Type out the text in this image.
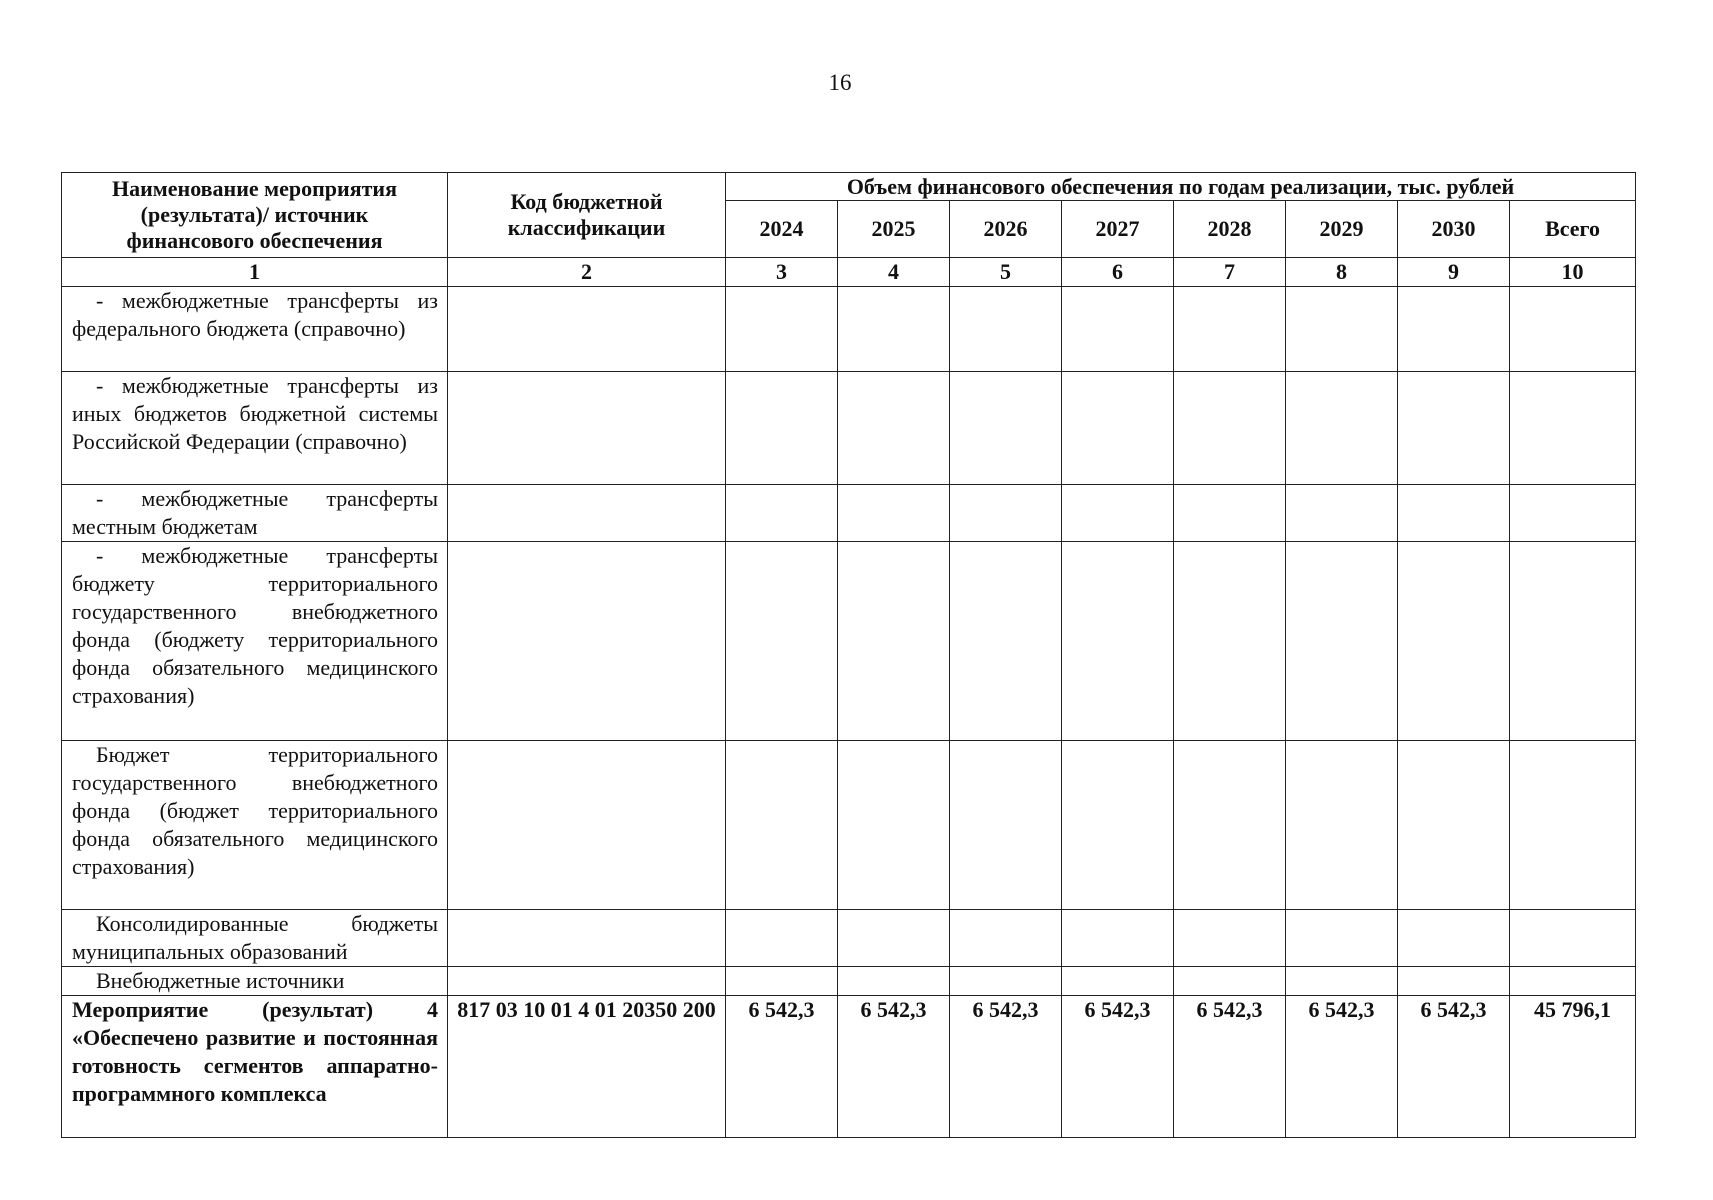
16
Наименование мероприятия (результата)/ источник финансового обеспечения	Код бюджетной классификации	Объем финансового обеспечения по годам реализации, тыс. рублей							
		2024	2025	2026	2027	2028	2029	2030	Всего
1	2	3	4	5	6	7	8	9	10

- межбюджетные трансферты из федерального бюджета (справочно)									

- межбюджетные трансферты из иных бюджетов бюджетной системы Российской Федерации (справочно)									

- межбюджетные трансферты местным бюджетам									

- межбюджетные трансферты бюджету территориального государственного внебюджетного фонда (бюджету территориального фонда обязательного медицинского страхования)									

Бюджет территориального государственного внебюджетного фонда (бюджет территориального фонда обязательного медицинского страхования)									

Консолидированные бюджеты муниципальных образований									

Внебюджетные источники									

Мероприятие (результат) 4 «Обеспечено развитие и постоянная готовность сегментов аппаратно-программного комплекса	817 03 10 01 4 01 20350 200	6 542,3	6 542,3	6 542,3	6 542,3	6 542,3	6 542,3	6 542,3	45 796,1
